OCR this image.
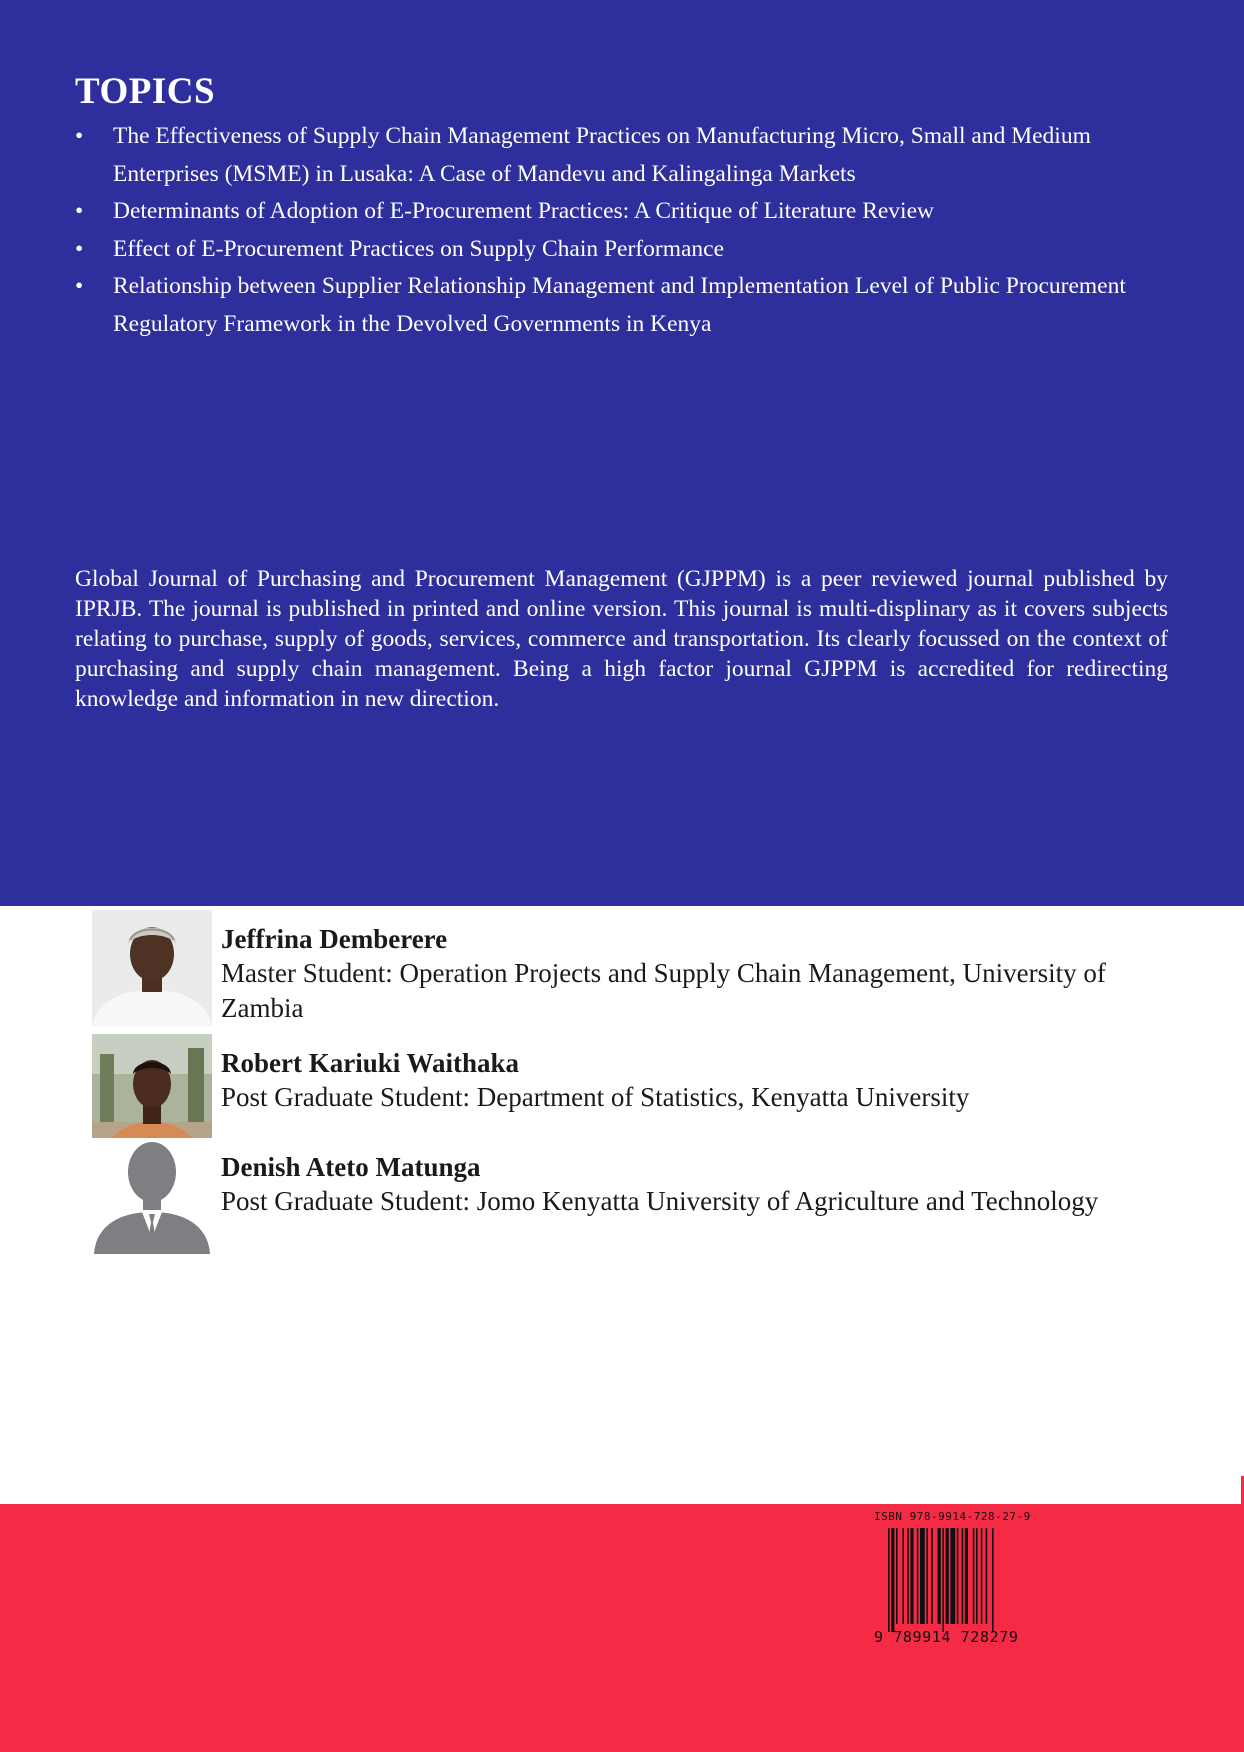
TOPICS
• The Effectiveness of Supply Chain Management Practices on Manufacturing Micro, Small and Medium Enterprises (MSME) in Lusaka: A Case of Mandevu and Kalingalinga Markets
• Determinants of Adoption of E-Procurement Practices: A Critique of Literature Review
• Effect of E-Procurement Practices on Supply Chain Performance
• Relationship between Supplier Relationship Management and Implementation Level of Public Procurement Regulatory Framework in the Devolved Governments in Kenya

Global Journal of Purchasing and Procurement Management (GJPPM) is a peer reviewed journal published by IPRJB. The journal is published in printed and online version. This journal is multi-displinary as it covers subjects relating to purchase, supply of goods, services, commerce and transportation. Its clearly focussed on the context of purchasing and supply chain management. Being a high factor journal GJPPM is accredited for redirecting knowledge and information in new direction.

Jeffrina Demberere

Master Student: Operation Projects and Supply Chain Management, University of Zambia

Robert Kariuki Waithaka

Post Graduate Student: Department of Statistics, Kenyatta University

Denish Ateto Matunga

Post Graduate Student: Jomo Kenyatta University of Agriculture and Technology

ISBN 978-9914-728-27-9

9 789914 728279
